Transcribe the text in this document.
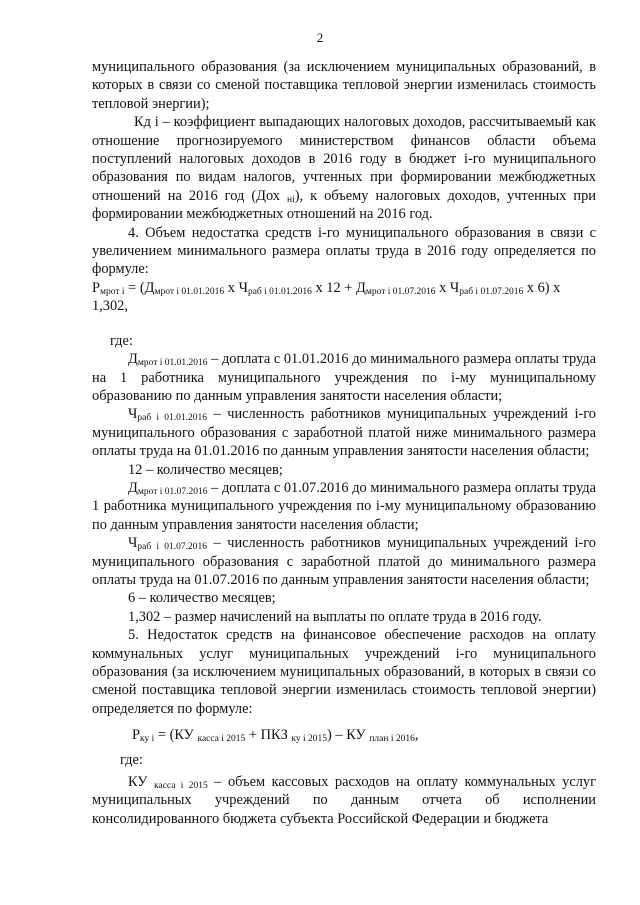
2

муниципального образования (за исключением муниципальных образований, в которых в связи со сменой поставщика тепловой энергии изменилась стоимость тепловой энергии);

Кд i – коэффициент выпадающих налоговых доходов, рассчитываемый как отношение прогнозируемого министерством финансов области объема поступлений налоговых доходов в 2016 году в бюджет i-го муниципального образования по видам налогов, учтенных при формировании межбюджетных отношений на 2016 год (Дох $_{нi}$), к объему налоговых доходов, учтенных при формировании межбюджетных отношений на 2016 год.

4. Объем недостатка средств i-го муниципального образования в связи с увеличением минимального размера оплаты труда в 2016 году определяется по формуле:

$Р_{мрот i} = (Д_{мрот i 01.01.2016}$ х $Ч_{раб i 01.01.2016}$ х $12 + Д_{мрот i 01.07.2016}$ х $Ч_{раб i 01.07.2016}$ х 6) х

1,302,

где:

$Д_{мрот i 01.01.2016}$ – доплата с 01.01.2016 до минимального размера оплаты труда на 1 работника муниципального учреждения по i-му муниципальному образованию по данным управления занятости населения области;

$Ч_{раб i 01.01.2016}$ – численность работников муниципальных учреждений i-го муниципального образования с заработной платой ниже минимального размера оплаты труда на 01.01.2016 по данным управления занятости населения области;

12 – количество месяцев;

$Д_{мрот i 01.07.2016}$ – доплата с 01.07.2016 до минимального размера оплаты труда 1 работника муниципального учреждения по i-му муниципальному образованию по данным управления занятости населения области;

$Ч_{раб i 01.07.2016}$ – численность работников муниципальных учреждений i-го муниципального образования с заработной платой до минимального размера оплаты труда на 01.07.2016 по данным управления занятости населения области;

6 – количество месяцев;

1,302 – размер начислений на выплаты по оплате труда в 2016 году.

5. Недостаток средств на финансовое обеспечение расходов на оплату коммунальных услуг муниципальных учреждений i-го муниципального образования (за исключением муниципальных образований, в которых в связи со сменой поставщика тепловой энергии изменилась стоимость тепловой энергии) определяется по формуле:

$Р_{ку i} = (КУ$ $_{касса i 2015}$ + ПКЗ $_{ку i 2015}$) – КУ $_{план i 2016}$,

где:

КУ $_{касса i 2015}$ – объем кассовых расходов на оплату коммунальных услуг муниципальных учреждений по данным отчета об исполнении консолидированного бюджета субъекта Российской Федерации и бюджета
